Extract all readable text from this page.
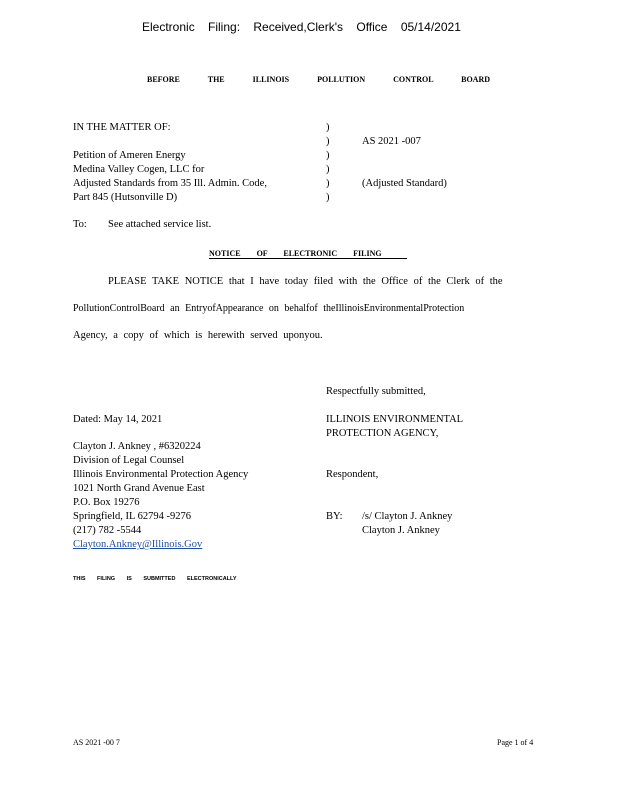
Electronic Filing: Received,Clerk's Office 05/14/2021
BEFORE THE ILLINOIS POLLUTION CONTROL BOARD
IN THE MATTER OF:
Petition of Ameren Energy
Medina Valley Cogen, LLC for
Adjusted Standards from 35 Ill. Admin. Code,
Part 845 (Hutsonville D)
)
)
)
)
)
)
AS 2021 -007
(Adjusted Standard)
To: See attached service list.
NOTICE OF ELECTRONIC FILING
PLEASE TAKE NOTICE that I have today filed with the Office of the Clerk of the
PollutionControlBoard an EntryofAppearance on behalfof theIllinoisEnvironmentalProtection
Agency, a copy of which is herewith served uponyou.
Respectfully submitted,
Dated: May 14, 2021	ILLINOIS ENVIRONMENTAL
PROTECTION AGENCY,
Clayton J. Ankney , #6320224
Division of Legal Counsel
Illinois Environmental Protection Agency
1021 North Grand Avenue East
P.O. Box 19276
Springfield, IL 62794 -9276
(217) 782 -5544
Clayton.Ankney@Illinois.Gov
Respondent,
BY: /s/ Clayton J. Ankney
Clayton J. Ankney
THIS FILING IS SUBMITTED ELECTRONICALLY
AS 2021 -00 7	Page 1 of 4
